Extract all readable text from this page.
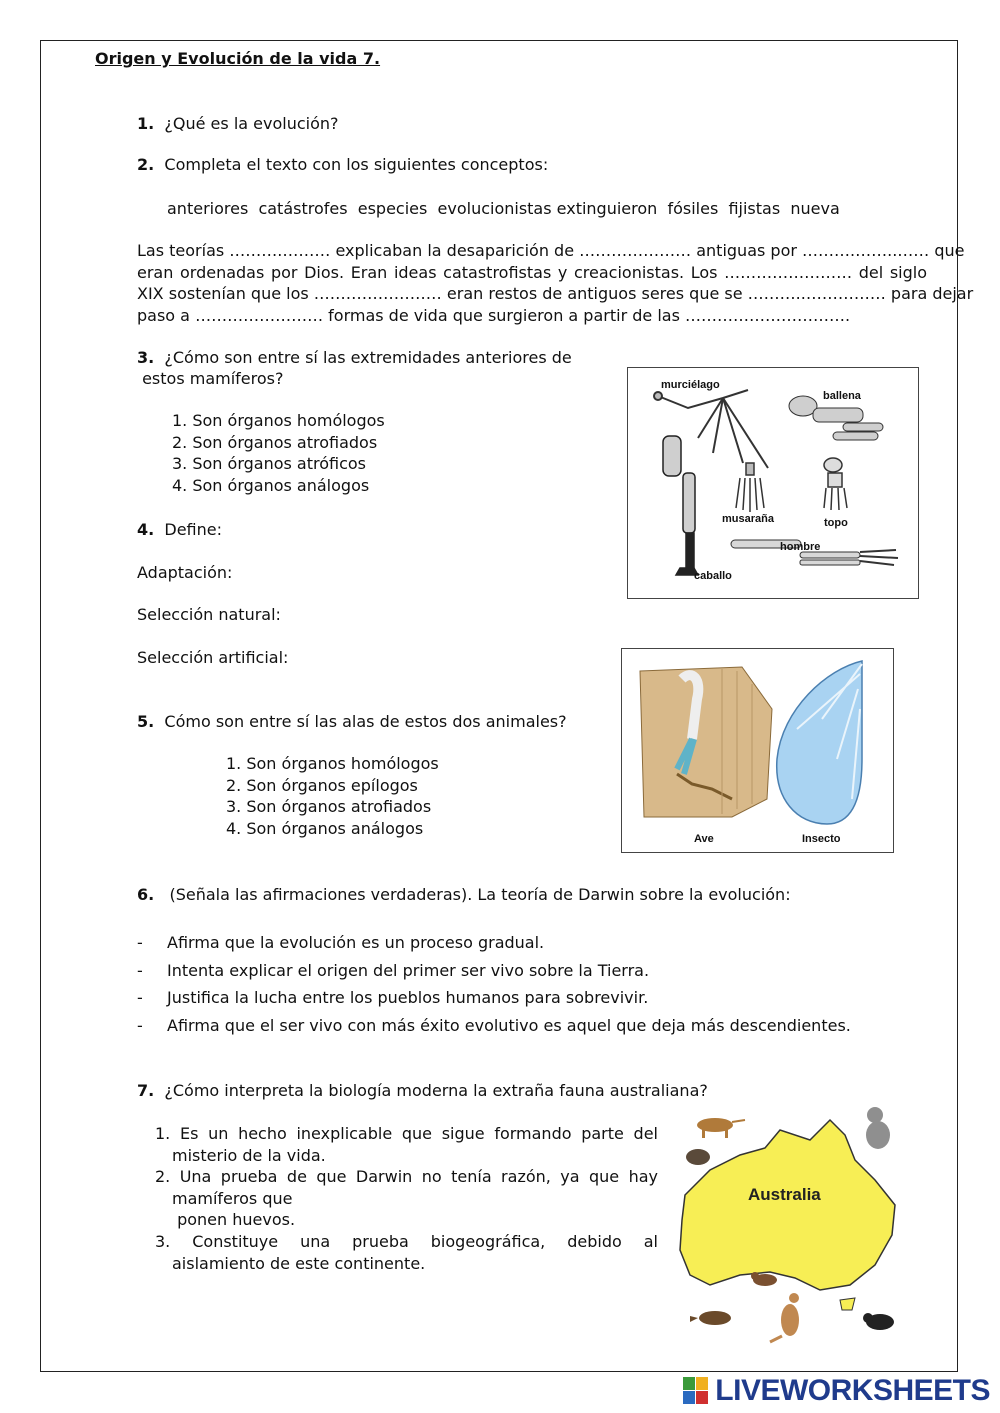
Origen y Evolución de la vida 7.
1. ¿Qué es la evolución?
2. Completa el texto con los siguientes conceptos:
anteriores  catástrofes  especies  evolucionistas extinguieron  fósiles  fijistas  nueva
Las teorías ……….……… explicaban la desaparición de ………………… antiguas por ……….……..…… que
eran ordenadas por Dios. Eran ideas catastrofistas y creacionistas. Los …………………… del siglo
XIX sostenían que los …………………… eran restos de antiguos seres que se ………..…………… para dejar
paso a …………………… formas de vida que surgieron a partir de las ………………………….
3. ¿Cómo son entre sí las extremidades anteriores de
estos mamíferos?
1. Son órganos homólogos
2. Son órganos atrofiados
3. Son órganos atróficos
4. Son órganos análogos
murciélago
ballena
musaraña	topo
hombre
caballo
4. Define:
Adaptación:
Selección natural:
Selección artificial:
Ave	Insecto
5. Cómo son entre sí las alas de estos dos animales?
1. Son órganos homólogos
2. Son órganos epílogos
3. Son órganos atrofiados
4. Son órganos análogos
6.   (Señala las afirmaciones verdaderas). La teoría de Darwin sobre la evolución:
- Afirma que la evolución es un proceso gradual.
- Intenta explicar el origen del primer ser vivo sobre la Tierra.
- Justifica la lucha entre los pueblos humanos para sobrevivir.
- Afirma que el ser vivo con más éxito evolutivo es aquel que deja más descendientes.
7. ¿Cómo interpreta la biología moderna la extraña fauna australiana?
1. Es un hecho inexplicable que sigue formando parte del
misterio de la vida.
2. Una prueba de que Darwin no tenía razón, ya que hay
mamíferos que
ponen huevos.
3. Constituye una prueba biogeográfica, debido al
aislamiento de este continente.
Australia
LIVEWORKSHEETS
